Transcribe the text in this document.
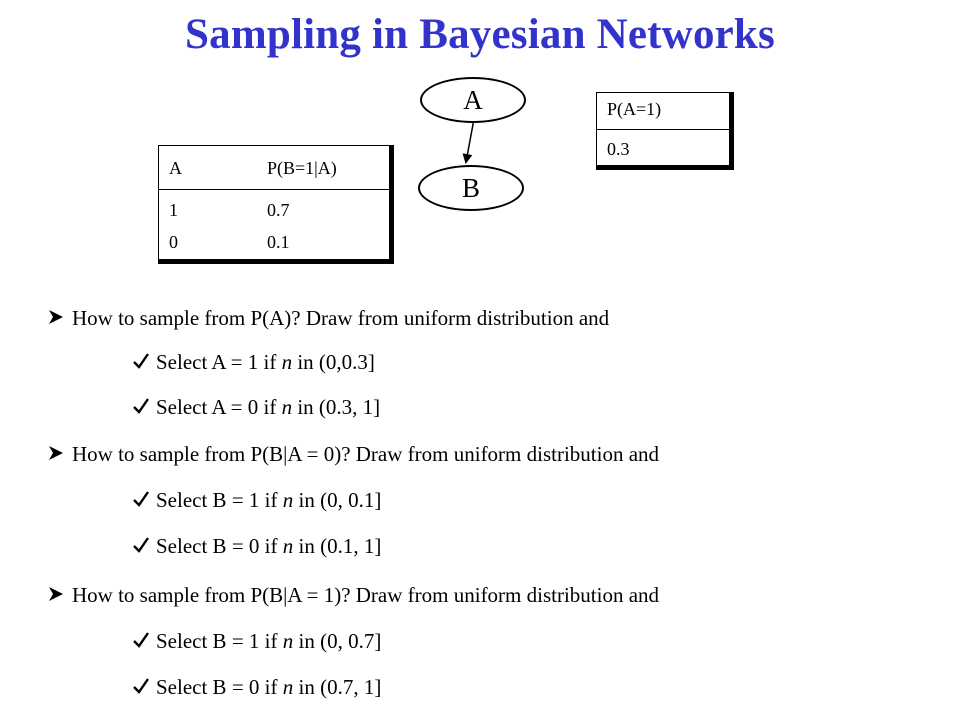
Sampling in Bayesian Networks
A
B
P(A=1)
0.3
A	P(B=1|A)
1	0.7
0	0.1
How to sample from P(A)? Draw from uniform distribution and
Select A = 1 if n in (0,0.3]
Select A = 0 if n in (0.3, 1]
How to sample from P(B|A = 0)? Draw from uniform distribution and
Select B = 1 if n in (0, 0.1]
Select B = 0 if n in (0.1, 1]
How to sample from P(B|A = 1)? Draw from uniform distribution and
Select B = 1 if n in (0, 0.7]
Select B = 0 if n in (0.7, 1]
